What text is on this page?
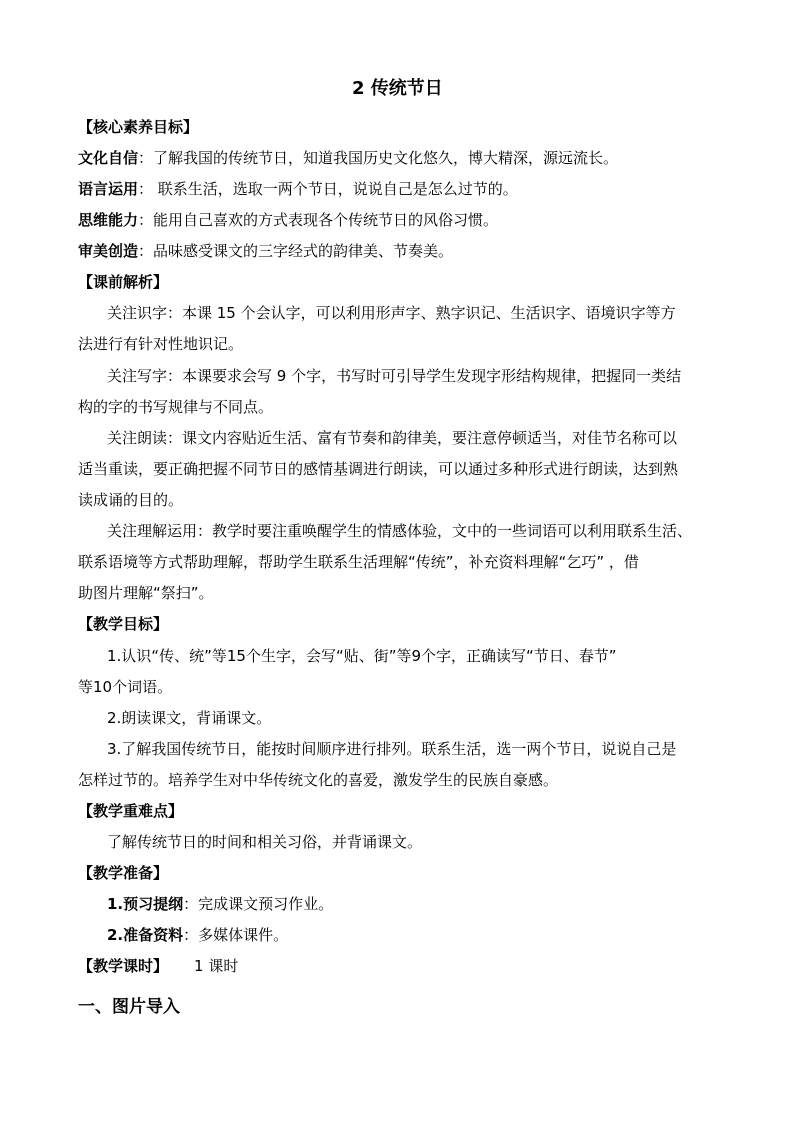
2 传统节日
【核心素养目标】
文化自信：了解我国的传统节日，知道我国历史文化悠久，博大精深，源远流长。
语言运用： 联系生活，选取一两个节日，说说自己是怎么过节的。
思维能力：能用自己喜欢的方式表现各个传统节日的风俗习惯。
审美创造：品味感受课文的三字经式的韵律美、节奏美。
【课前解析】
关注识字：本课 15 个会认字，可以利用形声字、熟字识记、生活识字、语境识字等方
法进行有针对性地识记。
关注写字：本课要求会写 9 个字，书写时可引导学生发现字形结构规律，把握同一类结
构的字的书写规律与不同点。
关注朗读：课文内容贴近生活、富有节奏和韵律美，要注意停顿适当，对佳节名称可以
适当重读，要正确把握不同节日的感情基调进行朗读，可以通过多种形式进行朗读，达到熟
读成诵的目的。
关注理解运用：教学时要注重唤醒学生的情感体验，文中的一些词语可以利用联系生活、
联系语境等方式帮助理解，帮助学生联系生活理解“传统”，补充资料理解“乞巧” ，借
助图片理解“祭扫”。
【教学目标】
1.认识“传、统”等15个生字，会写“贴、街”等9个字，正确读写“节日、春节”
等10个词语。
2.朗读课文，背诵课文。
3.了解我国传统节日，能按时间顺序进行排列。联系生活，选一两个节日，说说自己是
怎样过节的。培养学生对中华传统文化的喜爱，激发学生的民族自豪感。
【教学重难点】
了解传统节日的时间和相关习俗，并背诵课文。
【教学准备】
1.预习提纲：完成课文预习作业。
2.准备资料：多媒体课件。
【教学课时】 1 课时
一、图片导入
